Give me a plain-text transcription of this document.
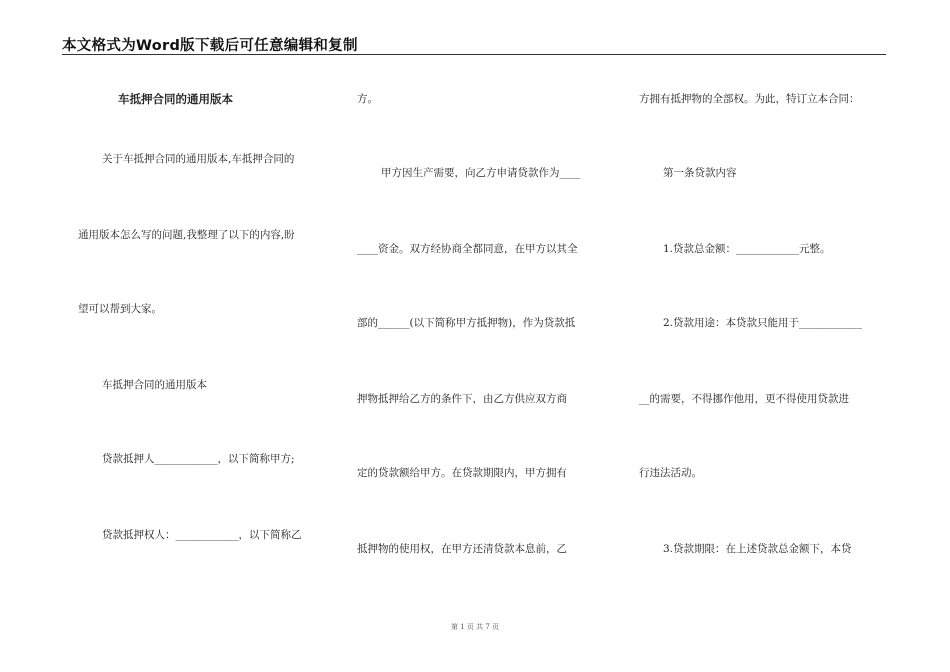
本文格式为Word版下载后可任意编辑和复制

车抵押合同的通用版本

关于车抵押合同的通用版本,车抵押合同的

通用版本怎么写的问题,我整理了以下的内容,盼

望可以帮到大家。

车抵押合同的通用版本

贷款抵押人____________，以下简称甲方;

贷款抵押权人：____________，以下简称乙

方。

甲方因生产需要，向乙方申请贷款作为____

____资金。双方经协商全都同意，在甲方以其全

部的______(以下简称甲方抵押物)，作为贷款抵

押物抵押给乙方的条件下，由乙方供应双方商

定的贷款额给甲方。在贷款期限内，甲方拥有

抵押物的使用权，在甲方还清贷款本息前，乙

方拥有抵押物的全部权。为此，特订立本合同：

第一条贷款内容

1.贷款总金额：____________元整。

2.贷款用途：本贷款只能用于____________

__的需要，不得挪作他用，更不得使用贷款进

行违法活动。

3.贷款期限：在上述贷款总金额下，本贷

第 1 页 共 7 页
